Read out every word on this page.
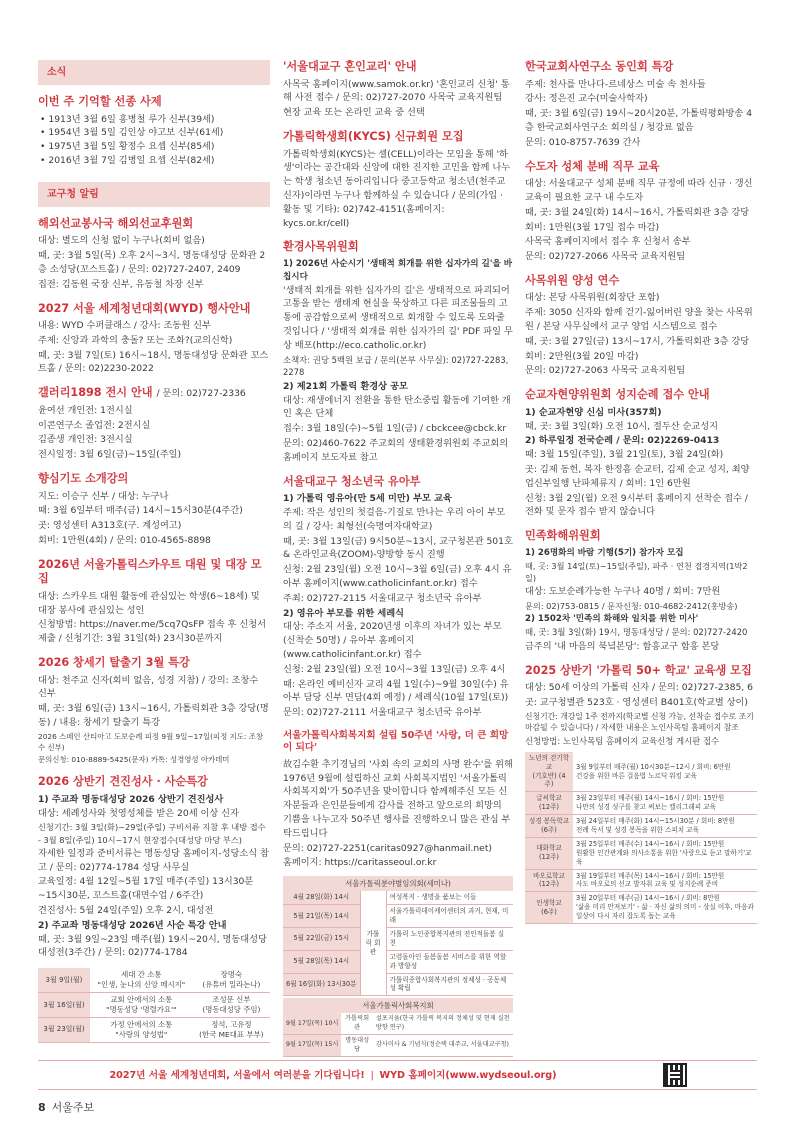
소식
이번 주 기억할 선종 사제
• 1913년 3월 6일 홍병철 루가 신부(39세)
• 1954년 3월 5일 김인상 야고보 신부(61세)
• 1975년 3월 5일 황정수 요셉 신부(85세)
• 2016년 3월 7일 김병일 요셉 신부(82세)
교구청 알림
해외선교봉사국 해외선교후원회
대상: 별도의 신청 없이 누구나(회비 없음)
때, 곳: 3월 5일(목) 오후 2시~3시, 명동대성당 문화관 2층 소성당(꼬스트홀) / 문의: 02)727-2407, 2409
집전: 김동원 국장 신부, 유동철 차장 신부
2027 서울 세계청년대회(WYD) 행사안내
내용: WYD 수퍼클래스 / 강사: 조동원 신부
주제: 신앙과 과학의 충돌? 또는 조화?(교의신학)
때, 곳: 3월 7일(토) 16시~18시, 명동대성당 문화관 꼬스트홀 / 문의: 02)2230-2022
갤러리1898 전시 안내 / 문의: 02)727-2336
윤여선 개인전: 1전시실
이콘연구소 졸업전: 2전시실
김종생 개인전: 3전시실
전시일정: 3월 6일(금)~15일(주일)
향심기도 소개강의
지도: 이승구 신부 / 대상: 누구나
때: 3월 6일부터 매주(금) 14시~15시30분(4주간)
곳: 영성센터 A313호(구. 계성여고)
회비: 1만원(4회) / 문의: 010-4565-8898
2026년 서울가톨릭스카우트 대원 및 대장 모집
대상: 스카우트 대원 활동에 관심있는 학생(6~18세) 및 대장 봉사에 관심있는 성인
신청방법: https://naver.me/5cq7QsFP 접속 후 신청서 제출 / 신청기간: 3월 31일(화) 23시30분까지
2026 창세기 탈출기 3월 특강
대상: 천주교 신자(회비 없음, 성경 지참) / 강의: 조창수 신부
때, 곳: 3월 6일(금) 13시~16시, 가톨릭회관 3층 강당(명동) / 내용: 창세기 탈출기 특강
2026 스페인 산티아고 도보순례 피정 9월 9일~17일(피정 지도: 조창수 신부)
문의신청: 010-8889-5425(문자) 카톡: 성경영성 아카데미
2026 상반기 견진성사 · 사순특강
1) 주교좌 명동대성당 2026 상반기 견진성사
대상: 세례성사와 첫영성체를 받은 20세 이상 신자
신청기간: 3월 3일(화)~29일(주일) 구비서류 지참 후 내방 접수 - 3월 8일(주일) 10시~17시 현장접수(대성당 마당 부스)
자세한 일정과 준비서류는 명동성당 홈페이지-성당소식 참고 / 문의: 02)774-1784 성당 사무실
교육일정: 4월 12일~5월 17일 매주(주일) 13시30분~15시30분, 꼬스트홀(대면수업 / 6주간)
견진성사: 5월 24일(주일) 오후 2시, 대성전
2) 주교좌 명동대성당 2026년 사순 특강 안내
때, 곳: 3월 9일~23일 매주(월) 19시~20시, 명동대성당 대성전(3주간) / 문의: 02)774-1784
3월 9일(월)	세대 간 소통
"인생, 눈나의 신앙 메시지"	장명숙
(유튜버 밀라논나)
3월 16일(월)	교회 안에서의 소통
"명동성당 '명렬가요'"	조성문 신부
(명동대성당 주임)
3월 23일(월)	가정 안에서의 소통
"사랑의 양성법"	정석, 고유정
(한국 ME대표 부부)
'서울대교구 혼인교리' 안내
사목국 홈페이지(www.samok.or.kr) '혼인교리 신청' 통해 사전 접수 / 문의: 02)727-2070 사목국 교육지원팀
현장 교육 또는 온라인 교육 중 선택
가톨릭학생회(KYCS) 신규회원 모집
가톨릭학생회(KYCS)는 셀(CELL)이라는 모임을 통해 '하생'이라는 공간대와 신앙에 대한 진지한 고민을 함께 나누는 학생 청소년 동아리입니다 중고등학교 청소년(천주교 신자)이라면 누구나 함께하실 수 있습니다 / 문의(가입 · 활동 및 기타): 02)742-4151(홈페이지: kycs.or.kr/cell)
환경사목위원회
1) 2026년 사순시기 '생태적 회개를 위한 십자가의 길'을 바칩시다
'생태적 회개를 위한 십자가의 길'은 생태적으로 파괴되어 고통을 받는 생태계 현실을 묵상하고 다른 피조물들의 고통에 공감함으로써 생태적으로 회개할 수 있도록 도와줄 것입니다 / '생태적 회개를 위한 십자가의 길' PDF 파일 무상 배포(http://eco.catholic.or.kr)
소책자: 권당 5백원 보급 / 문의(본부 사무실): 02)727-2283, 2278
2) 제21회 가톨릭 환경상 공모
대상: 재생에너지 전환을 통한 탄소중립 활동에 기여한 개인 혹은 단체
접수: 3월 18일(수)~5월 1일(금) / cbckcee@cbck.kr
문의: 02)460-7622 주교회의 생태환경위원회 주교회의 홈페이지 보도자료 참고
서울대교구 청소년국 유아부
1) 가톨릭 영유아(만 5세 미만) 부모 교육
주제: 작은 성인의 첫걸음-기질로 만나는 우리 아이 부모의 길 / 강사: 최형선(숙명여자대학교)
때, 곳: 3월 13일(금) 9시50분~13시, 교구청본관 501호 & 온라인교육(ZOOM)-양방향 동시 진행
신청: 2월 23일(월) 오전 10시~3월 6일(금) 오후 4시 유아부 홈페이지(www.catholicinfant.or.kr) 접수
주최: 02)727-2115 서울대교구 청소년국 유아부
2) 영유아 부모를 위한 세례식
대상: 주소지 서울, 2020년생 이후의 자녀가 있는 부모(신착순 50명) / 유아부 홈페이지(www.catholicinfant.or.kr) 접수
신청: 2월 23일(월) 오전 10시~3월 13일(금) 오후 4시
때: 온라인 예비신자 교리 4월 1일(수)~9월 30일(수) 유아부 담당 신부 면담(4회 예정) / 세례식(10월 17일(토))
문의: 02)727-2111 서울대교구 청소년국 유아부
서울가톨릭사회복지회 설립 50주년 '사랑, 더 큰 희망이 되다'
故김수환 추기경님의 '사회 속의 교회의 사명 완수'를 위해 1976년 9월에 설립하신 교회 사회복지법인 '서울가톨릭사회복지회'가 50주년을 맞이합니다 함께해주신 모든 신자분들과 은인분들에게 감사를 전하고 앞으로의 희망의 기쁨을 나누고자 50주년 행사를 진행하오니 많은 관심 부탁드립니다
문의: 02)727-2251(caritas0927@hanmail.net)
홈페이지: https://caritasseoul.or.kr
서울가톨릭분야별임의회(세미나)
4월 28일(화) 14시	가톨릭 회관	여성복지 · 생명을 품보는 이들
5월 21일(목) 14시		서울가톨릭데이케어센터의 과거, 현재, 미래
5월 22일(금) 15시		가톨릭 노인종합복지관의 전인적돌봄 실천
5월 28일(목) 14시		고령돌아인 돌봄돌봄 서비스를 위한 역할과 방향성
6월 16일(화) 13시30분		가톨릭종합사회복지관의 정체성 · 공동체성 확립
서울가톨릭사회복지회
9월 17일(목) 10시	가톨릭회관	설포지움(한국 가톨릭 복지의 정체성 및 현재 실천방향 연구)
9월 17일(목) 15시	명동대성당	감사미사 & 기념식(정순택 대주교, 서울대교구청)
한국교회사연구소 동인회 특강
주제: 천사를 만나다-르네상스 미술 속 천사들
강사: 정은진 교수(미술사학자)
때, 곳: 3월 6일(금) 19시~20시20분, 가톨릭평화방송 4층 한국교회사연구소 회의실 / 청강료 없음
문의: 010-8757-7639 간사
수도자 성체 분배 직무 교육
대상: 서울대교구 성체 분배 직무 규정에 따라 신규 · 갱신 교육이 필요한 교구 내 수도자
때, 곳: 3월 24일(화) 14시~16시, 가톨릭회관 3층 강당
회비: 1만원(3월 17일 접수 마감)
사목국 홈페이지에서 접수 후 신청서 송부
문의: 02)727-2066 사목국 교육지원팀
사목위원 양성 연수
대상: 본당 사목위원(회장단 포함)
주제: 3050 신자와 함께 걷기-잃어버린 양을 찾는 사목위원 / 본당 사무실에서 교구 양업 시스템으로 접수
때, 곳: 3월 27일(금) 13시~17시, 가톨릭회관 3층 강당
회비: 2만원(3월 20일 마감)
문의: 02)727-2063 사목국 교육지원팀
순교자현양위원회 성지순례 접수 안내
1) 순교자현양 신심 미사(357회)
때, 곳: 3월 3일(화) 오전 10시, 절두산 순교성지
2) 하루일정 전국순례 / 문의: 02)2269-0413
때: 3월 15일(주일), 3월 21일(토), 3월 24일(화)
곳: 김제 동헌, 복자 한정흠 순교터, 김제 순교 성지, 최양업신부일행 난파체류지 / 회비: 1인 6만원
신청: 3월 2일(월) 오전 9시부터 홈페이지 선착순 접수 / 전화 및 문자 접수 받지 않습니다
민족화해위원회
1) 26명화의 바람 기행(5기) 참가자 모집
때, 곳: 3월 14일(토)~15일(주일), 파주 · 연천 접경지역(1박2일)
대상: 도보순례가능한 누구나 40명 / 회비: 7만원
문의: 02)753-0815 / 문자신청: 010-4682-2412(홍방송)
2) 1502차 '민족의 화해와 일치를 위한 미사'
때, 곳: 3월 3일(화) 19시, 명동대성당 / 문의: 02)727-2420
금주의 '내 마음의 북녘본당': 함흥교구 함흥 본당
2025 상반기 '가톨릭 50+ 학교' 교육생 모집
대상: 50세 이상의 가톨릭 신자 / 문의: 02)727-2385, 6
곳: 교구청별관 523호 · 영성센터 B401호(학교별 상이)
신청기간: 개강일 1주 전까지(학교별 신청 가능, 선착순 접수로 조기 마감될 수 있습니다) / 자세한 내용은 노인사목팀 홈페이지 참조
신청방법: 노인사목팀 홈페이지 교육신청 게시판 접수
노년의 걷기학교
(기호반) (4주)	3월 9일부터 매주(월) 10시30분~12시 / 회비: 6만원
건강을 위한 바른 걸음법 노르딕 워킹 교육
글씨학교
(12주)	3월 23일부터 매주(월) 14시~16시 / 회비: 15만원
나만의 성경 성구를 찾고 써보는 캘리그래피 교육
성경 봉독학교
(6주)	3월 24일부터 매주(화) 14시~15시30분 / 회비: 8만원
전례 독서 및 성경 봉독을 위한 스피치 교육
대화학교
(12주)	3월 25일부터 매주(수) 14시~16시 / 회비: 15만원
원활한 인간관계와 의사소통을 위한 '사랑으로 듣고 말하기'교육
바오로학교
(12주)	3월 19일부터 매주(목) 14시~16시 / 회비: 15만원
사도 바오로의 선교 발자취 교육 및 성지순례 준비
인생학교
(6주)	3월 20일부터 매주(금) 14시~16시 / 회비: 8만원
'삶을 미리 만져보기' - 삶 · 자신 삶의 의미 - 상실 이후, 마음과 일상이 다시 자리 잡도록 돕는 교육
2027년 서울 세계청년대회, 서울에서 여러분을 기다립니다! ❘ WYD 홈페이지(www.wydseoul.org)
8 서울주보
